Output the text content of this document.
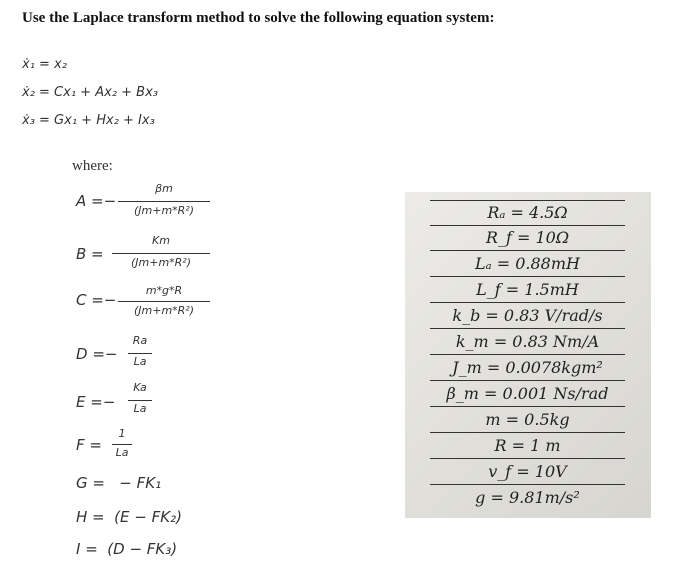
Use the Laplace transform method to solve the following equation system:
ẋ₁ = x₂
ẋ₂ = Cx₁ + Ax₂ + Bx₃
ẋ₃ = Gx₁ + Hx₂ + Ix₃
where:
A =−
βm
(Jm+m*R²)
B =
Km
(Jm+m*R²)
C =−
m*g*R
(Jm+m*R²)
D =−
Ra
La
E =−
Ka
La
F =
1
La
G =   − FK₁
H =  (E − FK₂)
I =  (D − FK₃)
Rₐ = 4.5Ω
R_f = 10Ω
Lₐ = 0.88mH
L_f = 1.5mH
k_b = 0.83 V/rad/s
k_m = 0.83 Nm/A
J_m = 0.0078kgm²
β_m = 0.001 Ns/rad
m = 0.5kg
R = 1 m
v_f = 10V
g = 9.81m/s²
